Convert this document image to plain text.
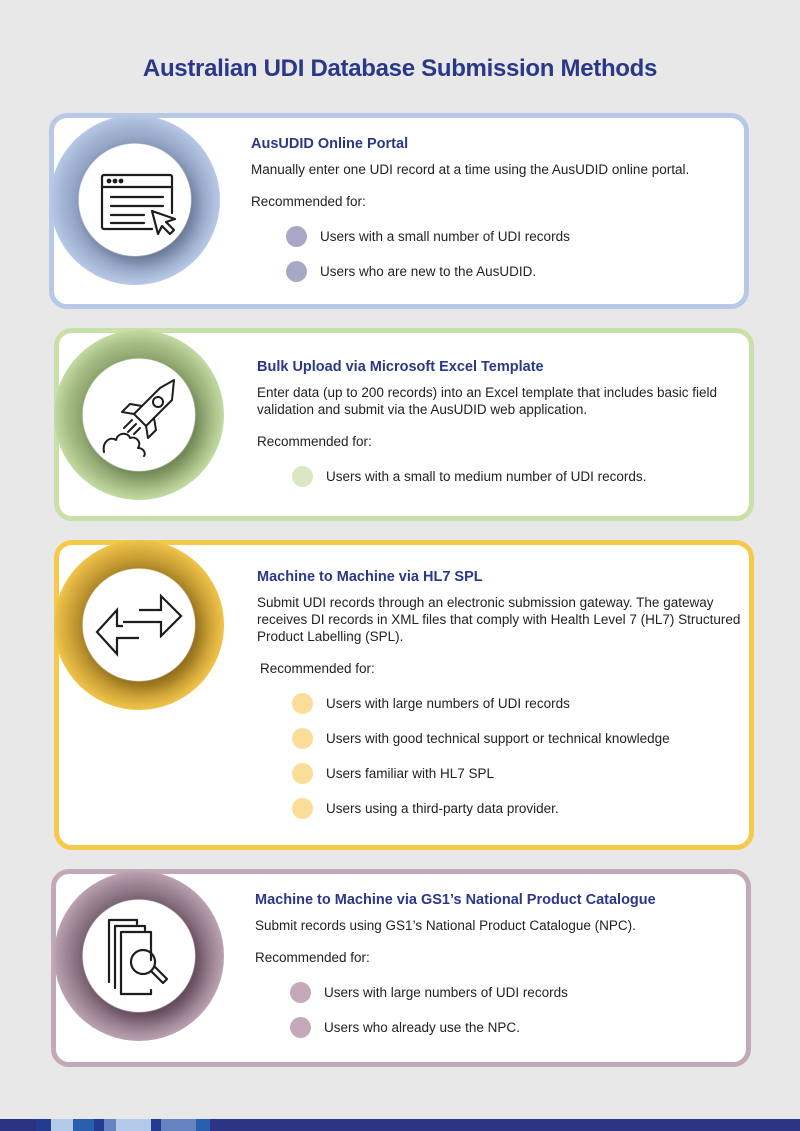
Australian UDI Database Submission Methods
AusUDID Online Portal
Manually enter one UDI record at a time using the AusUDID online portal.
Recommended for:
Users with a small number of UDI records
Users who are new to the AusUDID.
Bulk Upload via Microsoft Excel Template
Enter data (up to 200 records) into an Excel template that includes basic field validation and submit via the AusUDID web application.
Recommended for:
Users with a small to medium number of UDI records.
Machine to Machine via HL7 SPL
Submit UDI records through an electronic submission gateway. The gateway receives DI records in XML files that comply with Health Level 7 (HL7) Structured Product Labelling (SPL).
Recommended for:
Users with large numbers of UDI records
Users with good technical support or technical knowledge
Users familiar with HL7 SPL
Users using a third-party data provider.
Machine to Machine via GS1’s National Product Catalogue
Submit records using GS1’s National Product Catalogue (NPC).
Recommended for:
Users with large numbers of UDI records
Users who already use the NPC.
